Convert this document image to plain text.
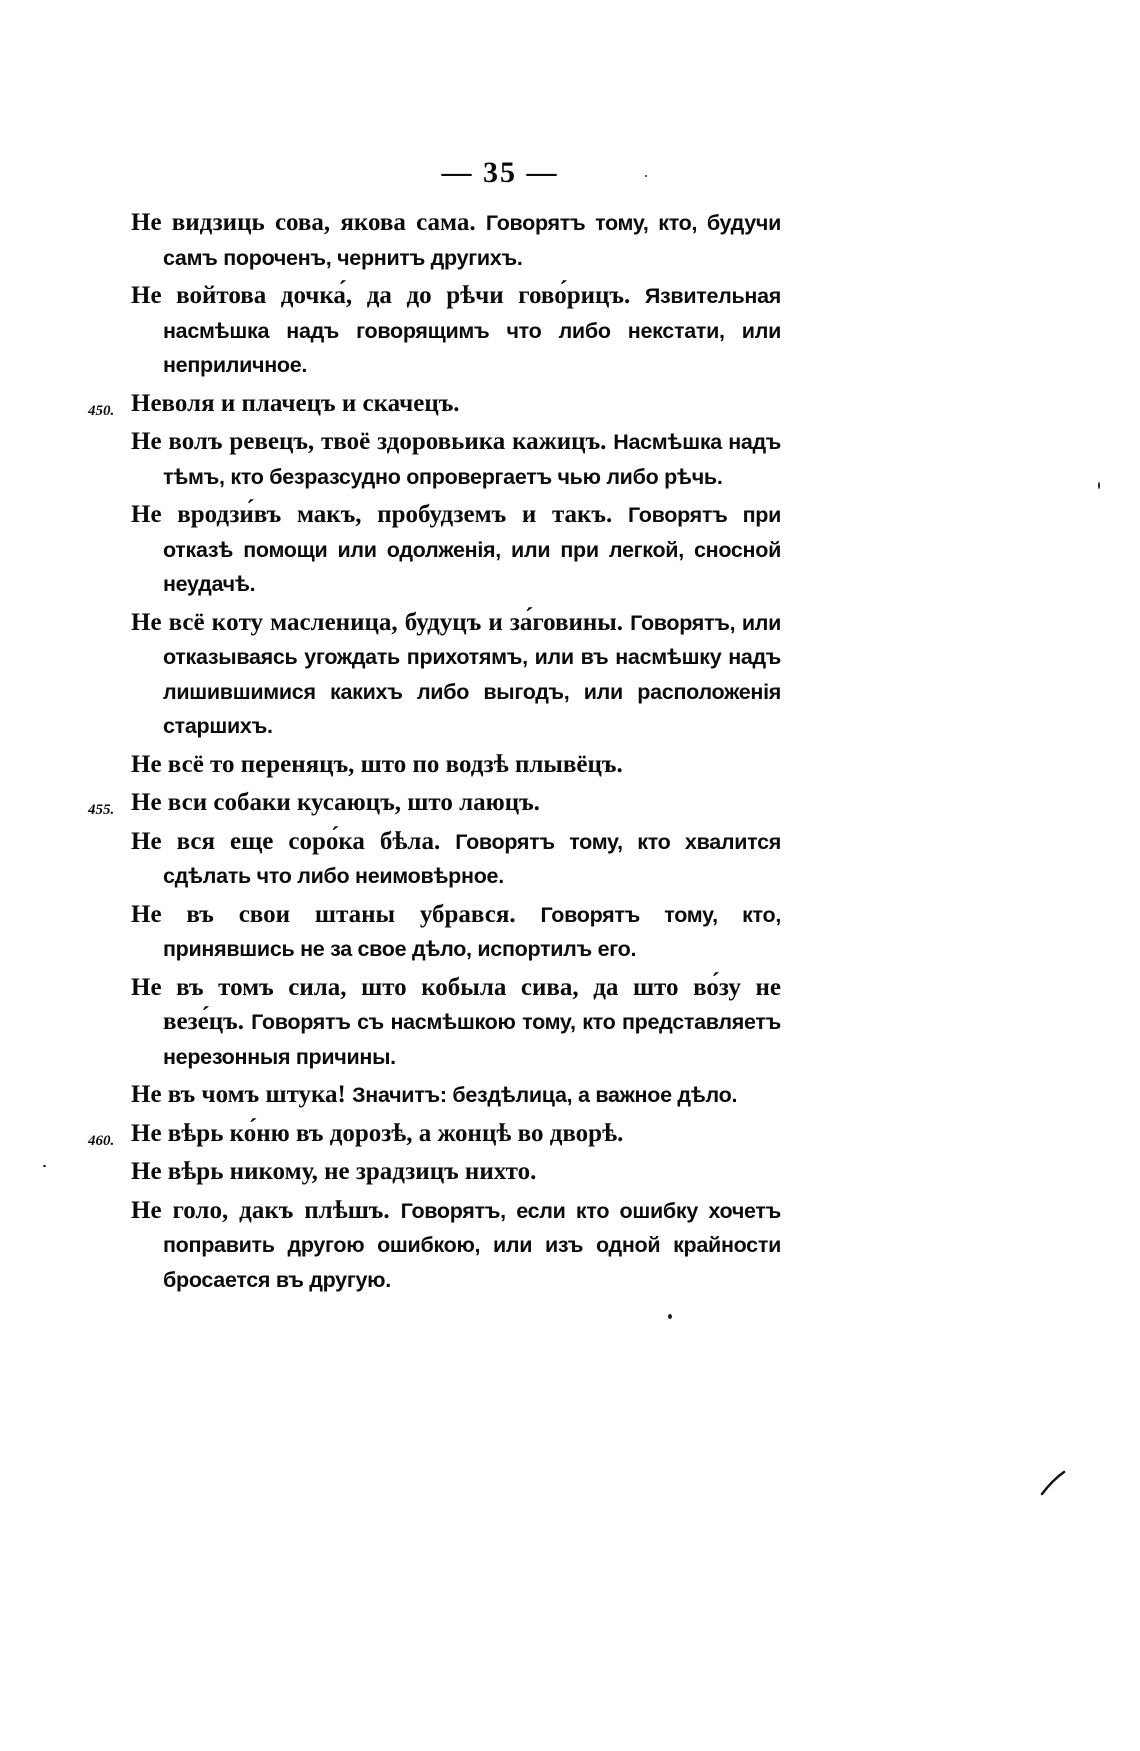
— 35 —
Не видзиць сова, якова сама. Говорятъ тому, кто, будучи самъ пороченъ, чернитъ другихъ.
Не войтова дочка́, да до рѣчи гово́рицъ. Язвительная насмѣшка надъ говорящимъ что либо некстати, или неприличное.
450. Неволя и плачецъ и скачецъ.
Не волъ ревецъ, твоё здоровьика кажицъ. Насмѣшка надъ тѣмъ, кто безразсудно опровергаетъ чью либо рѣчь.
Не вродзи́въ макъ, пробудземъ и такъ. Говорятъ при отказѣ помощи или одолженія, или при легкой, сносной неудачѣ.
Не всё кoту масленица, будуцъ и за́говины. Говорятъ, или отказываясь угождать прихотямъ, или въ насмѣшку надъ лишившимися какихъ либо выгодъ, или расположенія старшихъ.
Не всё то переняцъ, што по водзѣ плывёцъ.
455. Не вси собаки кусаюцъ, што лаюцъ.
Не вся еще соро́ка бѣла. Говорятъ тому, кто хвалится сдѣлать что либо неимовѣрное.
Не въ свои штаны убрався. Говорятъ тому, кто, принявшись не за свое дѣло, испортилъ его.
Не въ томъ сила, што кобыла сива, да што во́зу не везе́цъ. Говорятъ съ насмѣшкою тому, кто представляетъ нерезонныя причины.
Не въ чомъ штука! Значитъ: бездѣлица, а важное дѣло.
460. Не вѣрь ко́ню въ дорозѣ, а жонцѣ во дворѣ.
Не вѣрь никому, не зрадзицъ нихто.
Не голо, дакъ плѣшъ. Говорятъ, если кто ошибку хочетъ поправить другою ошибкою, или изъ одной крайности бросается въ другую.
